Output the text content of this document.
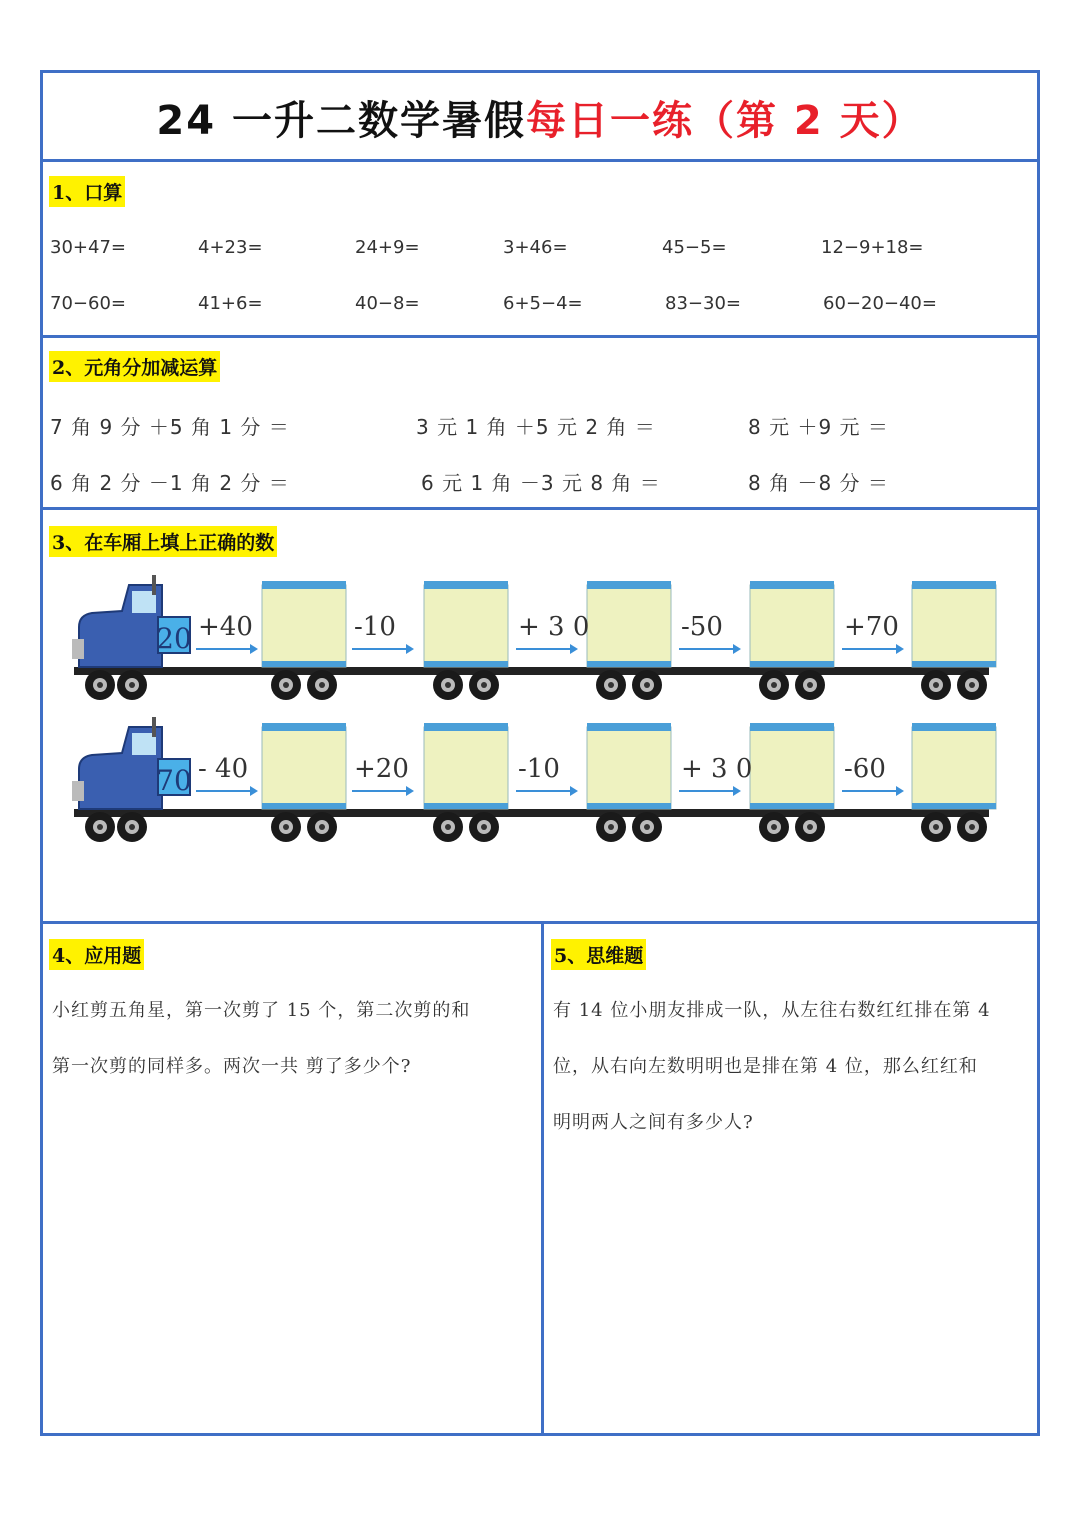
24 一升二数学暑假 每日一练（第 2 天）
1、口算
30+47=	4+23=	24+9=	3+46=	45−5=	12−9+18=
70−60=	41+6=	40−8=	6+5−4=	83−30=	60−20−40=
2、元角分加减运算
7 角 9 分 ＋5 角 1 分 ＝	3 元 1 角 ＋5 元 2 角 ＝	8 元 ＋9 元 ＝
6 角 2 分 －1 角 2 分 ＝	6 元 1 角 －3 元 8 角 ＝	8 角 －8 分 ＝
3、在车厢上填上正确的数
4、应用题
小红剪五角星，第一次剪了 15 个，第二次剪的和
第一次剪的同样多。两次一共 剪了多少个?
5、思维题
有 14 位小朋友排成一队，从左往右数红红排在第 4
位，从右向左数明明也是排在第 4 位，那么红红和
明明两人之间有多少人?
20 +40	-10	+ 3 0	-50	+70
70 - 40	+20	-10	+ 3 0	-60
